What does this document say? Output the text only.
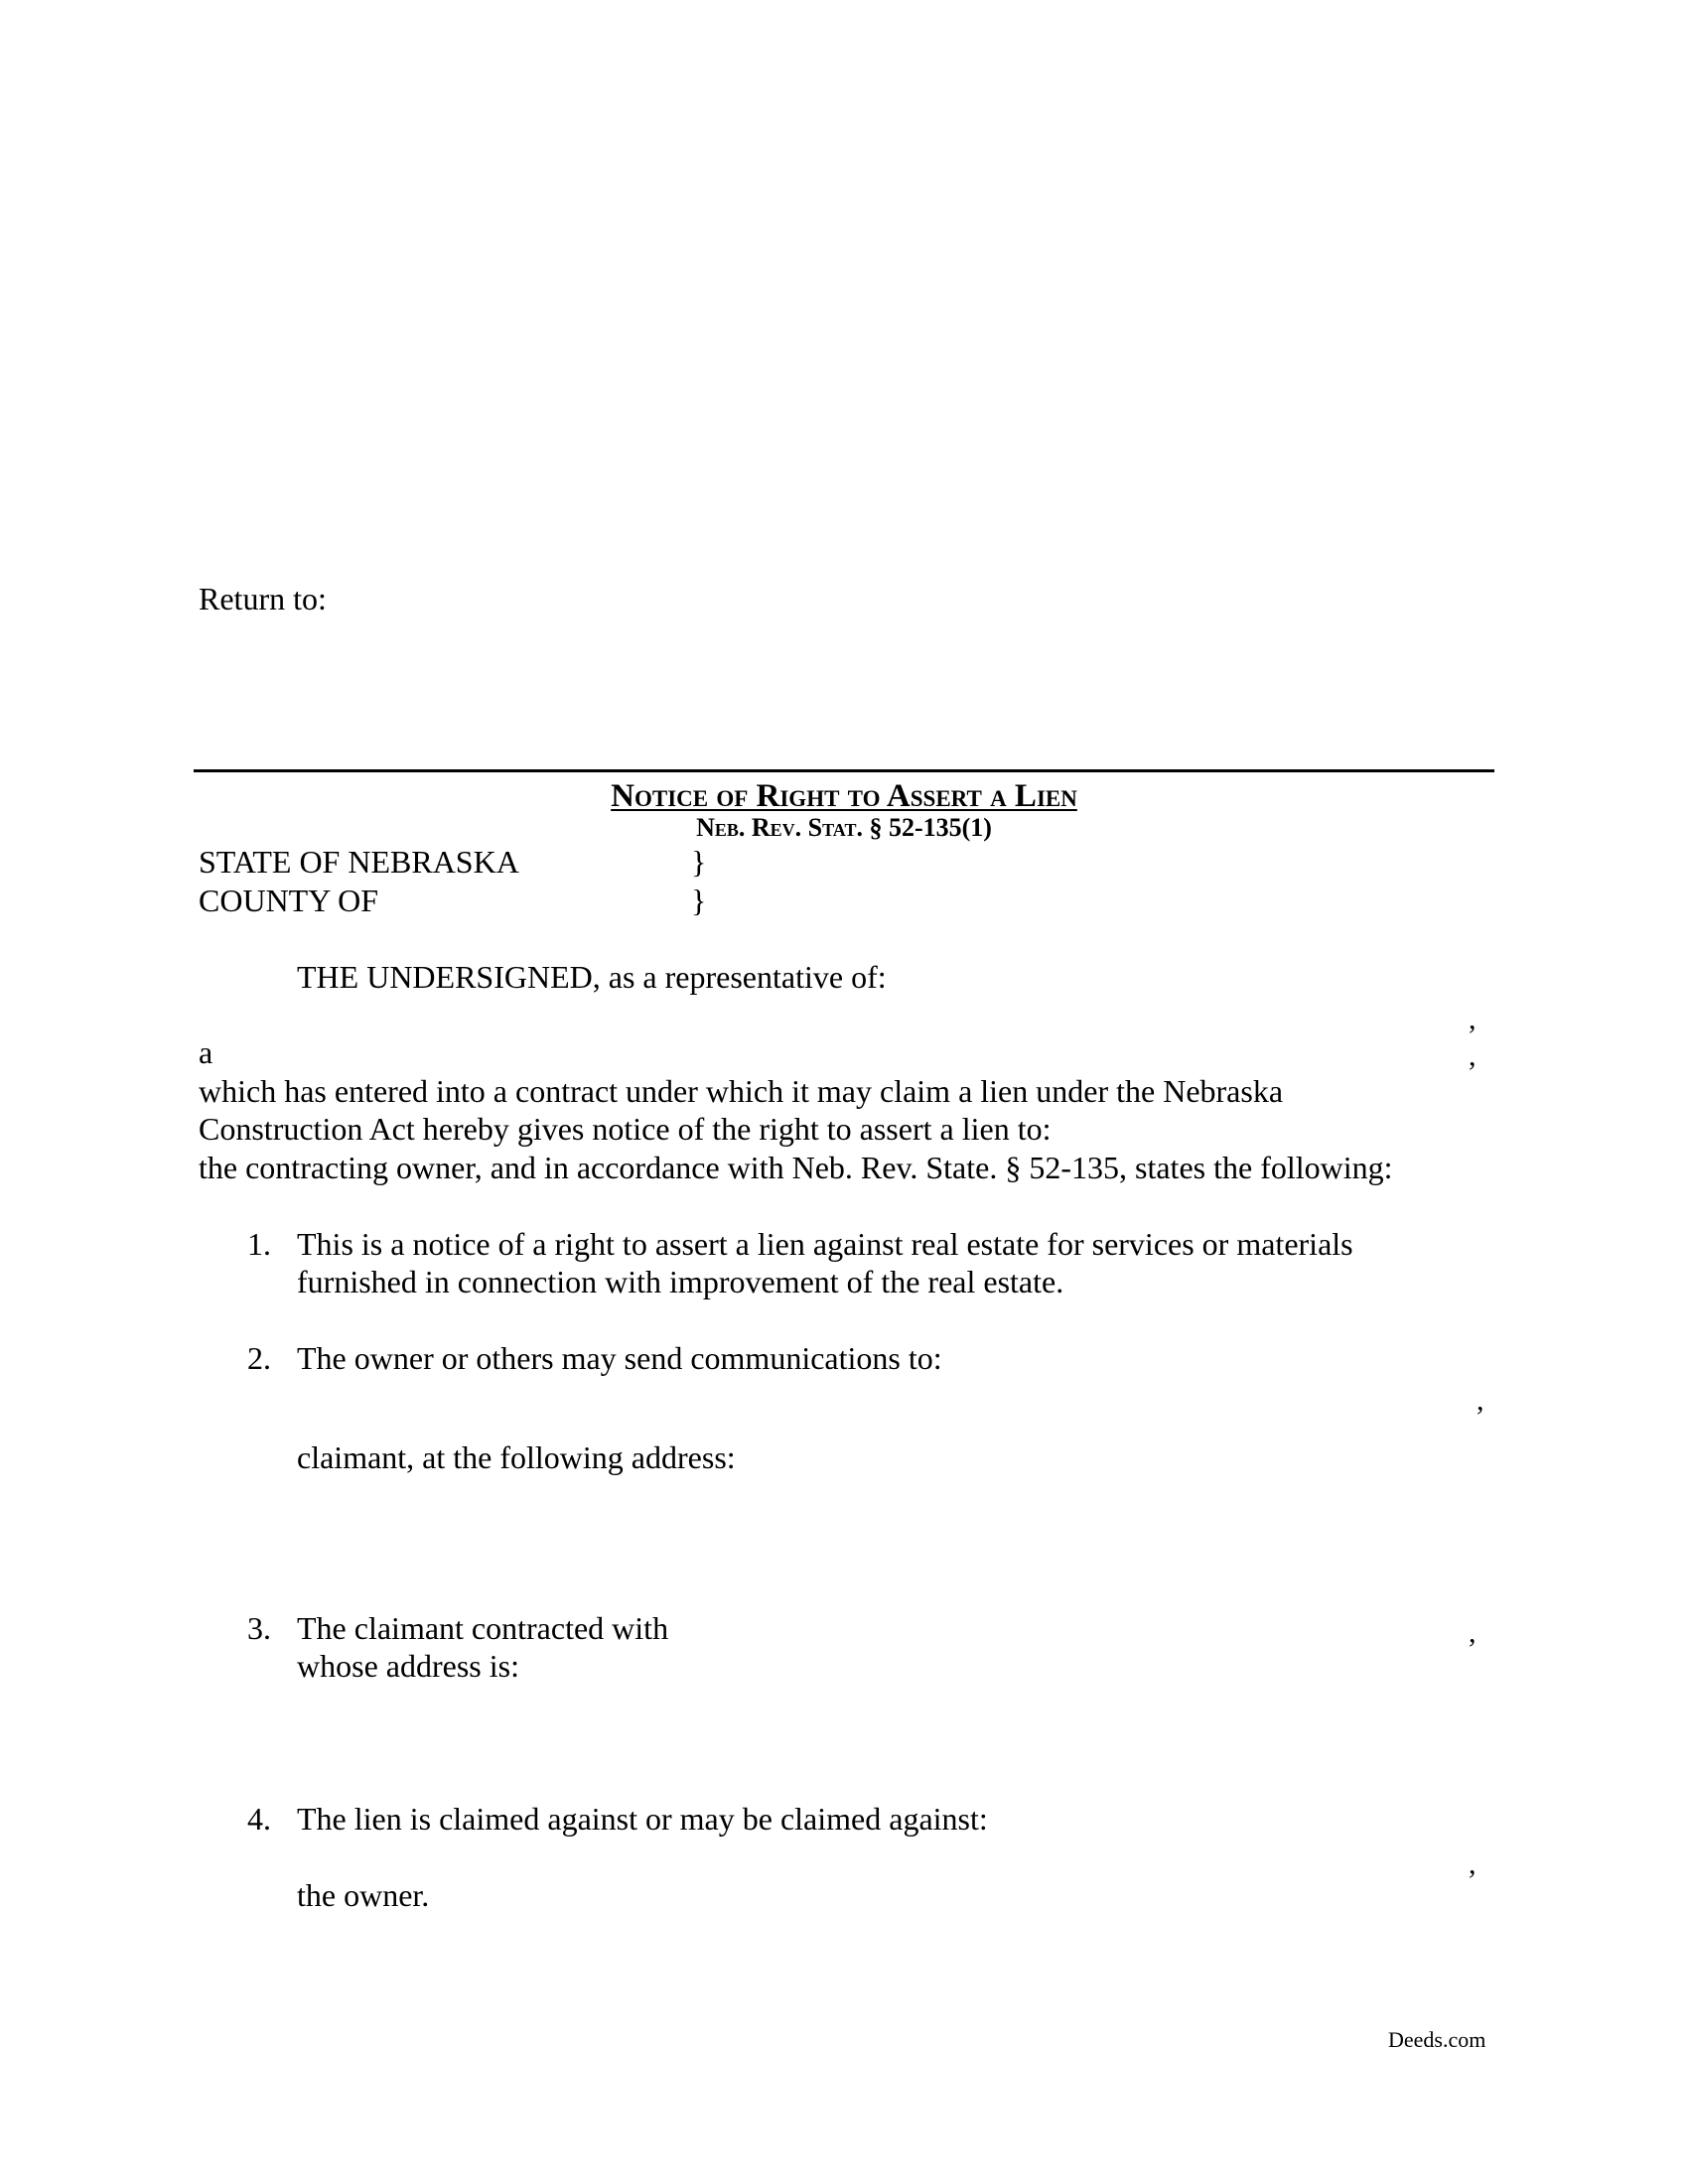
Return to:
Notice of Right to Assert a Lien
Neb. Rev. Stat. § 52-135(1)
STATE OF NEBRASKA	}
COUNTY OF	}
THE UNDERSIGNED, as a representative of:
,
a	,
which has entered into a contract under which it may claim a lien under the Nebraska
Construction Act hereby gives notice of the right to assert a lien to:
the contracting owner, and in accordance with Neb. Rev. State. § 52-135, states the following:
1. This is a notice of a right to assert a lien against real estate for services or materials
furnished in connection with improvement of the real estate.
2. The owner or others may send communications to:
,
claimant, at the following address:
3. The claimant contracted with	,
whose address is:
4. The lien is claimed against or may be claimed against:
,
the owner.
Deeds.com
